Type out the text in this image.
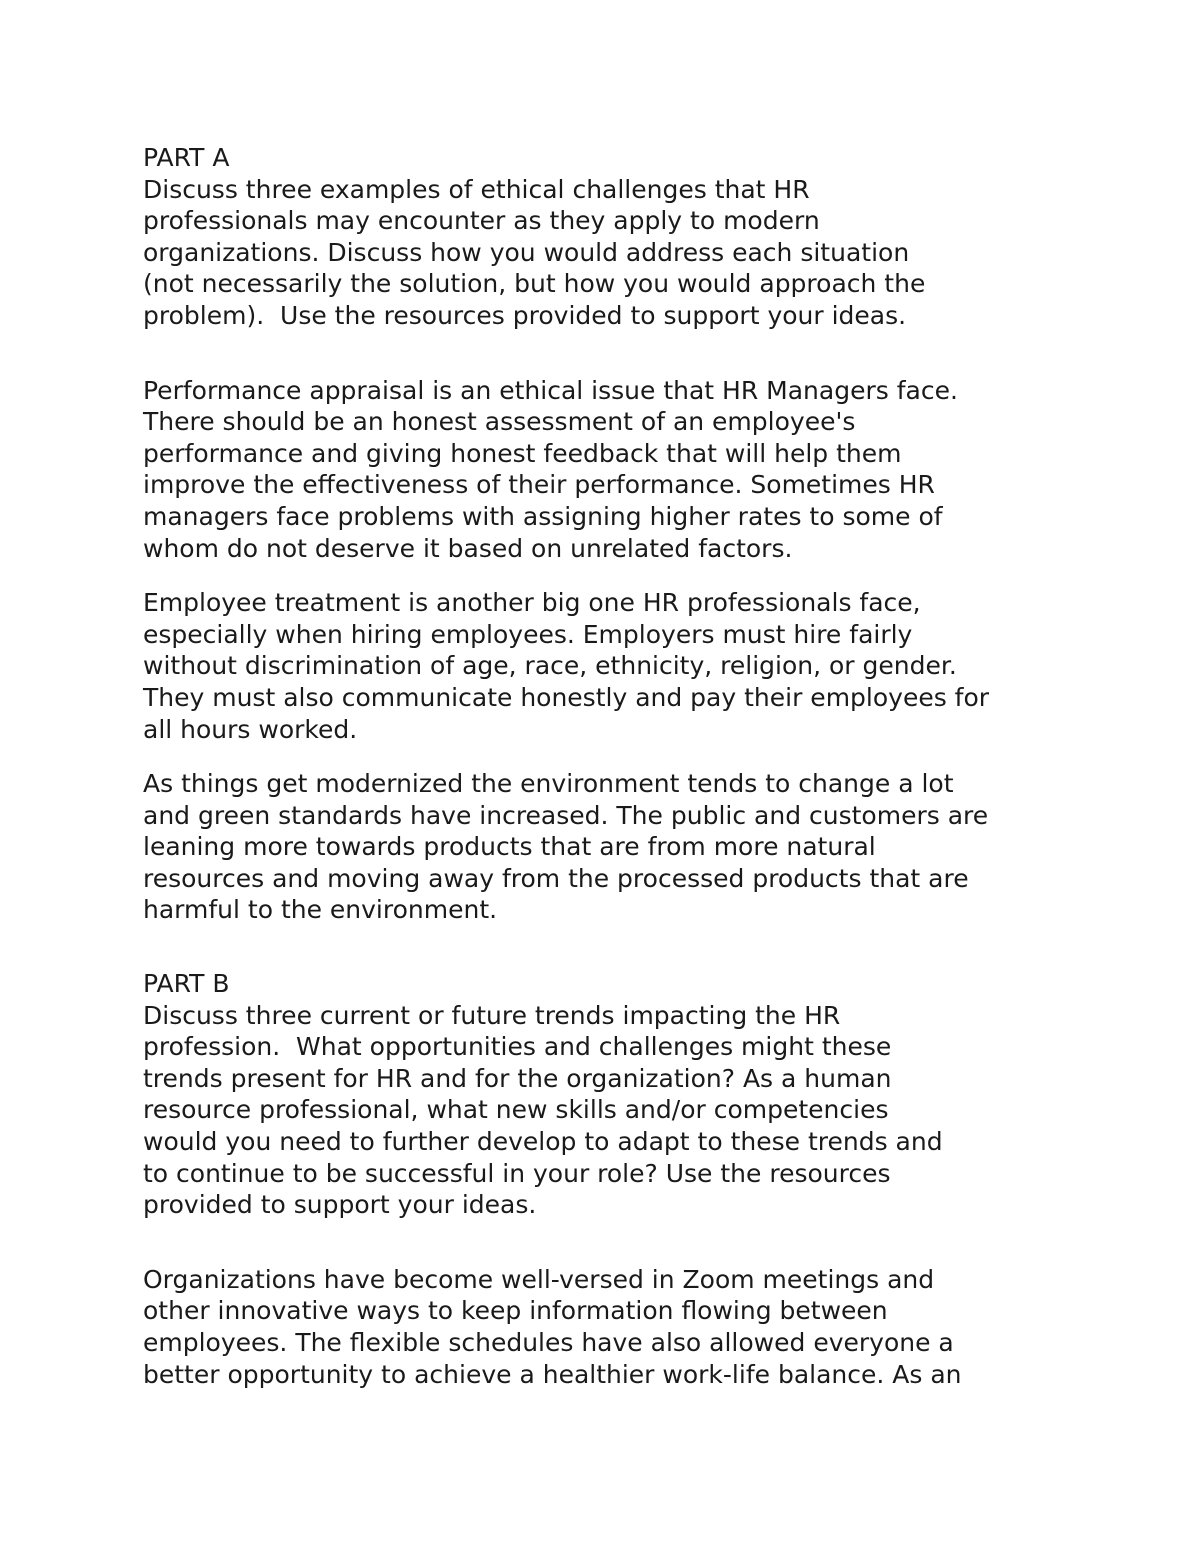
PART A
Discuss three examples of ethical challenges that HR
professionals may encounter as they apply to modern
organizations. Discuss how you would address each situation
(not necessarily the solution, but how you would approach the
problem).  Use the resources provided to support your ideas.
Performance appraisal is an ethical issue that HR Managers face.
There should be an honest assessment of an employee's
performance and giving honest feedback that will help them
improve the effectiveness of their performance. Sometimes HR
managers face problems with assigning higher rates to some of
whom do not deserve it based on unrelated factors.
Employee treatment is another big one HR professionals face,
especially when hiring employees. Employers must hire fairly
without discrimination of age, race, ethnicity, religion, or gender.
They must also communicate honestly and pay their employees for
all hours worked.
As things get modernized the environment tends to change a lot
and green standards have increased. The public and customers are
leaning more towards products that are from more natural
resources and moving away from the processed products that are
harmful to the environment.
PART B
Discuss three current or future trends impacting the HR
profession.  What opportunities and challenges might these
trends present for HR and for the organization? As a human
resource professional, what new skills and/or competencies
would you need to further develop to adapt to these trends and
to continue to be successful in your role? Use the resources
provided to support your ideas.
Organizations have become well-versed in Zoom meetings and
other innovative ways to keep information flowing between
employees. The flexible schedules have also allowed everyone a
better opportunity to achieve a healthier work-life balance. As an
